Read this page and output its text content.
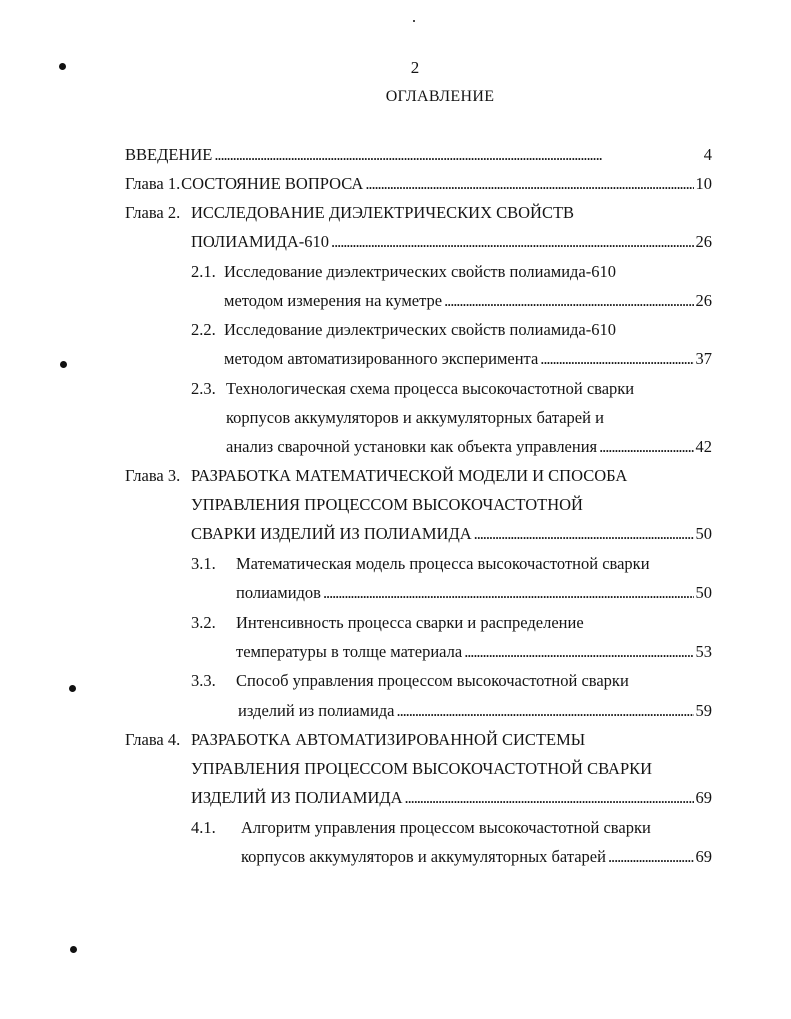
2
ОГЛАВЛЕНИЕ
ВВЕДЕНИЕ . . .	4
Глава 1. СОСТОЯНИЕ ВОПРОСА . . .	10
Глава 2. ИССЛЕДОВАНИЕ ДИЭЛЕКТРИЧЕСКИХ СВОЙСТВ
ПОЛИАМИДА-610 . . .	26
2.1. Исследование диэлектрических свойств полиамида-610
методом измерения на куметре . . .	26
2.2. Исследование диэлектрических свойств полиамида-610
методом автоматизированного эксперимента . . .	37
2.3. Технологическая схема процесса высокочастотной сварки
корпусов аккумуляторов и аккумуляторных батарей и
анализ сварочной установки как объекта управления . . .	42
Глава 3. РАЗРАБОТКА МАТЕМАТИЧЕСКОЙ МОДЕЛИ И СПОСОБА
УПРАВЛЕНИЯ ПРОЦЕССОМ ВЫСОКОЧАСТОТНОЙ
СВАРКИ ИЗДЕЛИЙ ИЗ ПОЛИАМИДА . . .	50
3.1.	Математическая модель процесса высокочастотной сварки
полиамидов . . .	50
3.2.	Интенсивность процесса сварки и распределение
температуры в толще материала . . .	53
3.3.	Способ управления процессом высокочастотной сварки
изделий из полиамида . . .	59
Глава 4. РАЗРАБОТКА АВТОМАТИЗИРОВАННОЙ СИСТЕМЫ
УПРАВЛЕНИЯ ПРОЦЕССОМ ВЫСОКОЧАСТОТНОЙ СВАРКИ
ИЗДЕЛИЙ ИЗ ПОЛИАМИДА . . .	69
4.1.	Алгоритм управления процессом высокочастотной сварки
корпусов аккумуляторов и аккумуляторных батарей . . .	69
